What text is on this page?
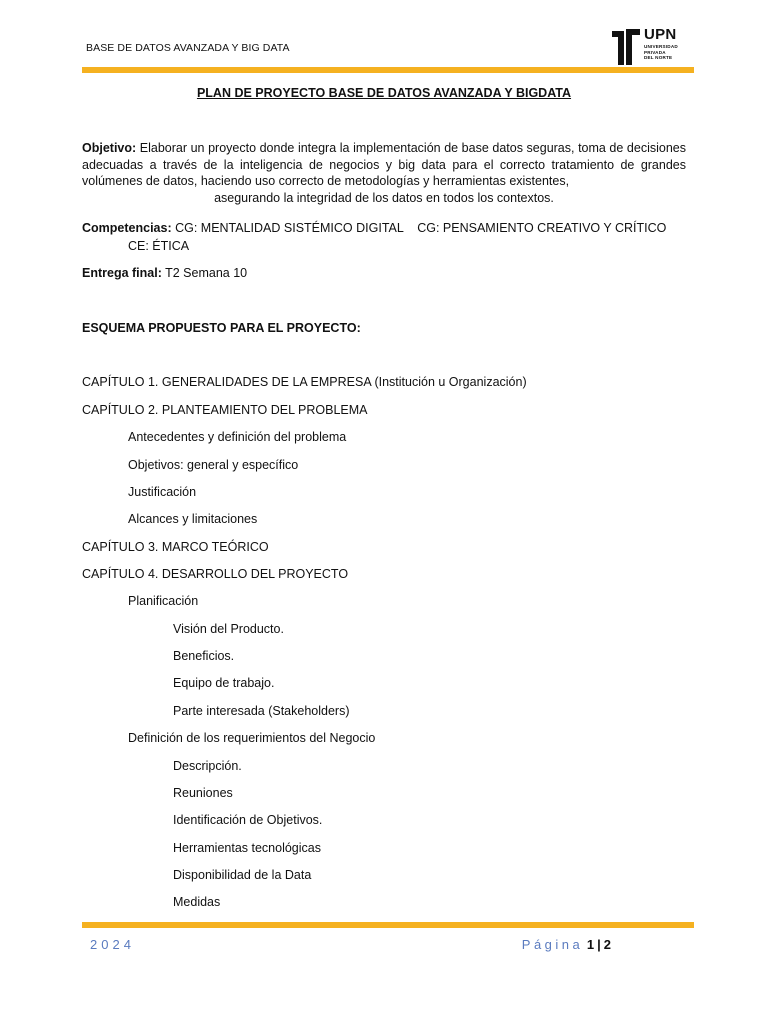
BASE DE DATOS AVANZADA Y BIG DATA
UPN
UNIVERSIDAD
PRIVADA
DEL NORTE
PLAN DE PROYECTO BASE DE DATOS AVANZADA Y BIGDATA
Objetivo: Elaborar un proyecto donde integra la implementación de base datos seguras, toma de decisiones adecuadas a través de la inteligencia de negocios y big data para el correcto tratamiento de grandes volúmenes de datos, haciendo uso correcto de metodologías y herramientas existentes,
asegurando la integridad de los datos en todos los contextos.
Competencias: CG: MENTALIDAD SISTÉMICO DIGITAL    CG: PENSAMIENTO CREATIVO Y CRÍTICO
CE: ÉTICA
Entrega final: T2 Semana 10
ESQUEMA PROPUESTO PARA EL PROYECTO:
CAPÍTULO 1. GENERALIDADES DE LA EMPRESA (Institución u Organización)
CAPÍTULO 2. PLANTEAMIENTO DEL PROBLEMA
Antecedentes y definición del problema
Objetivos: general y específico
Justificación
Alcances y limitaciones
CAPÍTULO 3. MARCO TEÓRICO
CAPÍTULO 4. DESARROLLO DEL PROYECTO
Planificación
Visión del Producto.
Beneficios.
Equipo de trabajo.
Parte interesada (Stakeholders)
Definición de los requerimientos del Negocio
Descripción.
Reuniones
Identificación de Objetivos.
Herramientas tecnológicas
Disponibilidad de la Data
Medidas
2024	Página 1 | 2
